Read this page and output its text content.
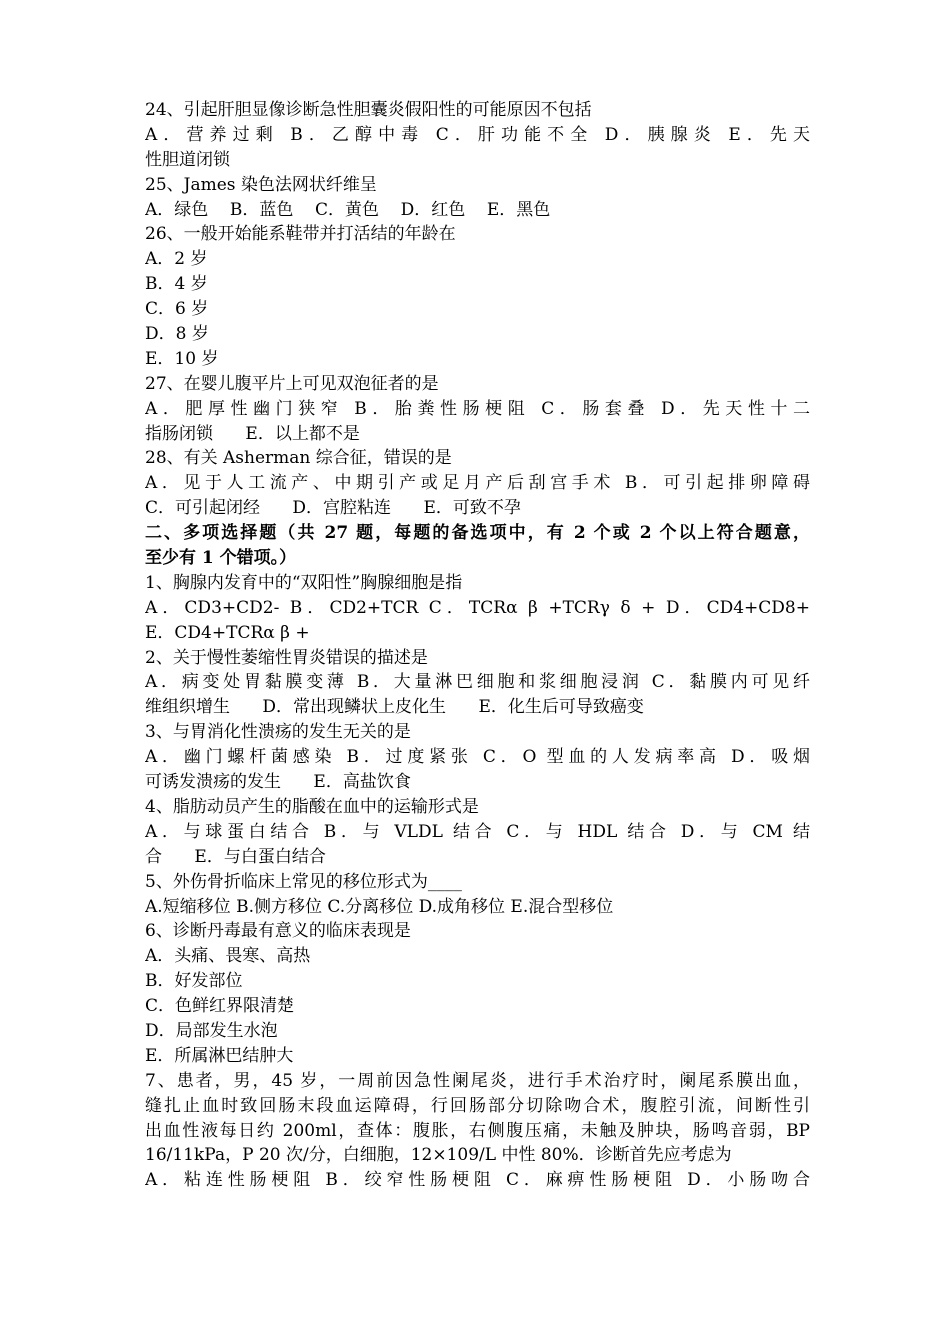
24、引起肝胆显像诊断急性胆囊炎假阳性的可能原因不包括
A．营养过剩 B．乙醇中毒 C．肝功能不全 D．胰腺炎 E．先天
性胆道闭锁
25、James 染色法网状纤维呈
A．绿色    B．蓝色    C．黄色    D．红色    E．黑色
26、一般开始能系鞋带并打活结的年龄在
A．2 岁
B．4 岁
C．6 岁
D．8 岁
E．10 岁
27、在婴儿腹平片上可见双泡征者的是
A．肥厚性幽门狭窄 B．胎粪性肠梗阻 C．肠套叠 D．先天性十二
指肠闭锁      E．以上都不是
28、有关 Asherman 综合征，错误的是
A．见于人工流产、中期引产或足月产后刮宫手术 B．可引起排卵障碍
C．可引起闭经      D．宫腔粘连      E．可致不孕
二、多项选择题（共 27 题，每题的备选项中，有 2 个或 2 个以上符合题意，
至少有 1 个错项。）
1、胸腺内发育中的“双阳性”胸腺细胞是指
A．CD3+CD2- B．CD2+TCR C．TCRα β +TCRγ δ + D．CD4+CD8+
E．CD4+TCRα β +
2、关于慢性萎缩性胃炎错误的描述是
A．病变处胃黏膜变薄 B．大量淋巴细胞和浆细胞浸润 C．黏膜内可见纤
维组织增生      D．常出现鳞状上皮化生      E．化生后可导致癌变
3、与胃消化性溃疡的发生无关的是
A．幽门螺杆菌感染 B．过度紧张 C．O 型血的人发病率高 D．吸烟
可诱发溃疡的发生      E．高盐饮食
4、脂肪动员产生的脂酸在血中的运输形式是
A．与球蛋白结合 B．与 VLDL 结合 C．与 HDL 结合 D．与 CM 结
合      E．与白蛋白结合
5、外伤骨折临床上常见的移位形式为____
A.短缩移位 B.侧方移位 C.分离移位 D.成角移位 E.混合型移位
6、诊断丹毒最有意义的临床表现是
A．头痛、畏寒、高热
B．好发部位
C．色鲜红界限清楚
D．局部发生水泡
E．所属淋巴结肿大
7、患者，男，45 岁，一周前因急性阑尾炎，进行手术治疗时，阑尾系膜出血，
缝扎止血时致回肠末段血运障碍，行回肠部分切除吻合术，腹腔引流，间断性引
出血性液每日约 200ml，查体：腹胀，右侧腹压痛，未触及肿块，肠鸣音弱，BP
16/11kPa，P 20 次/分，白细胞，12×109/L 中性 80%．诊断首先应考虑为
A．粘连性肠梗阻 B．绞窄性肠梗阻 C．麻痹性肠梗阻 D．小肠吻合
